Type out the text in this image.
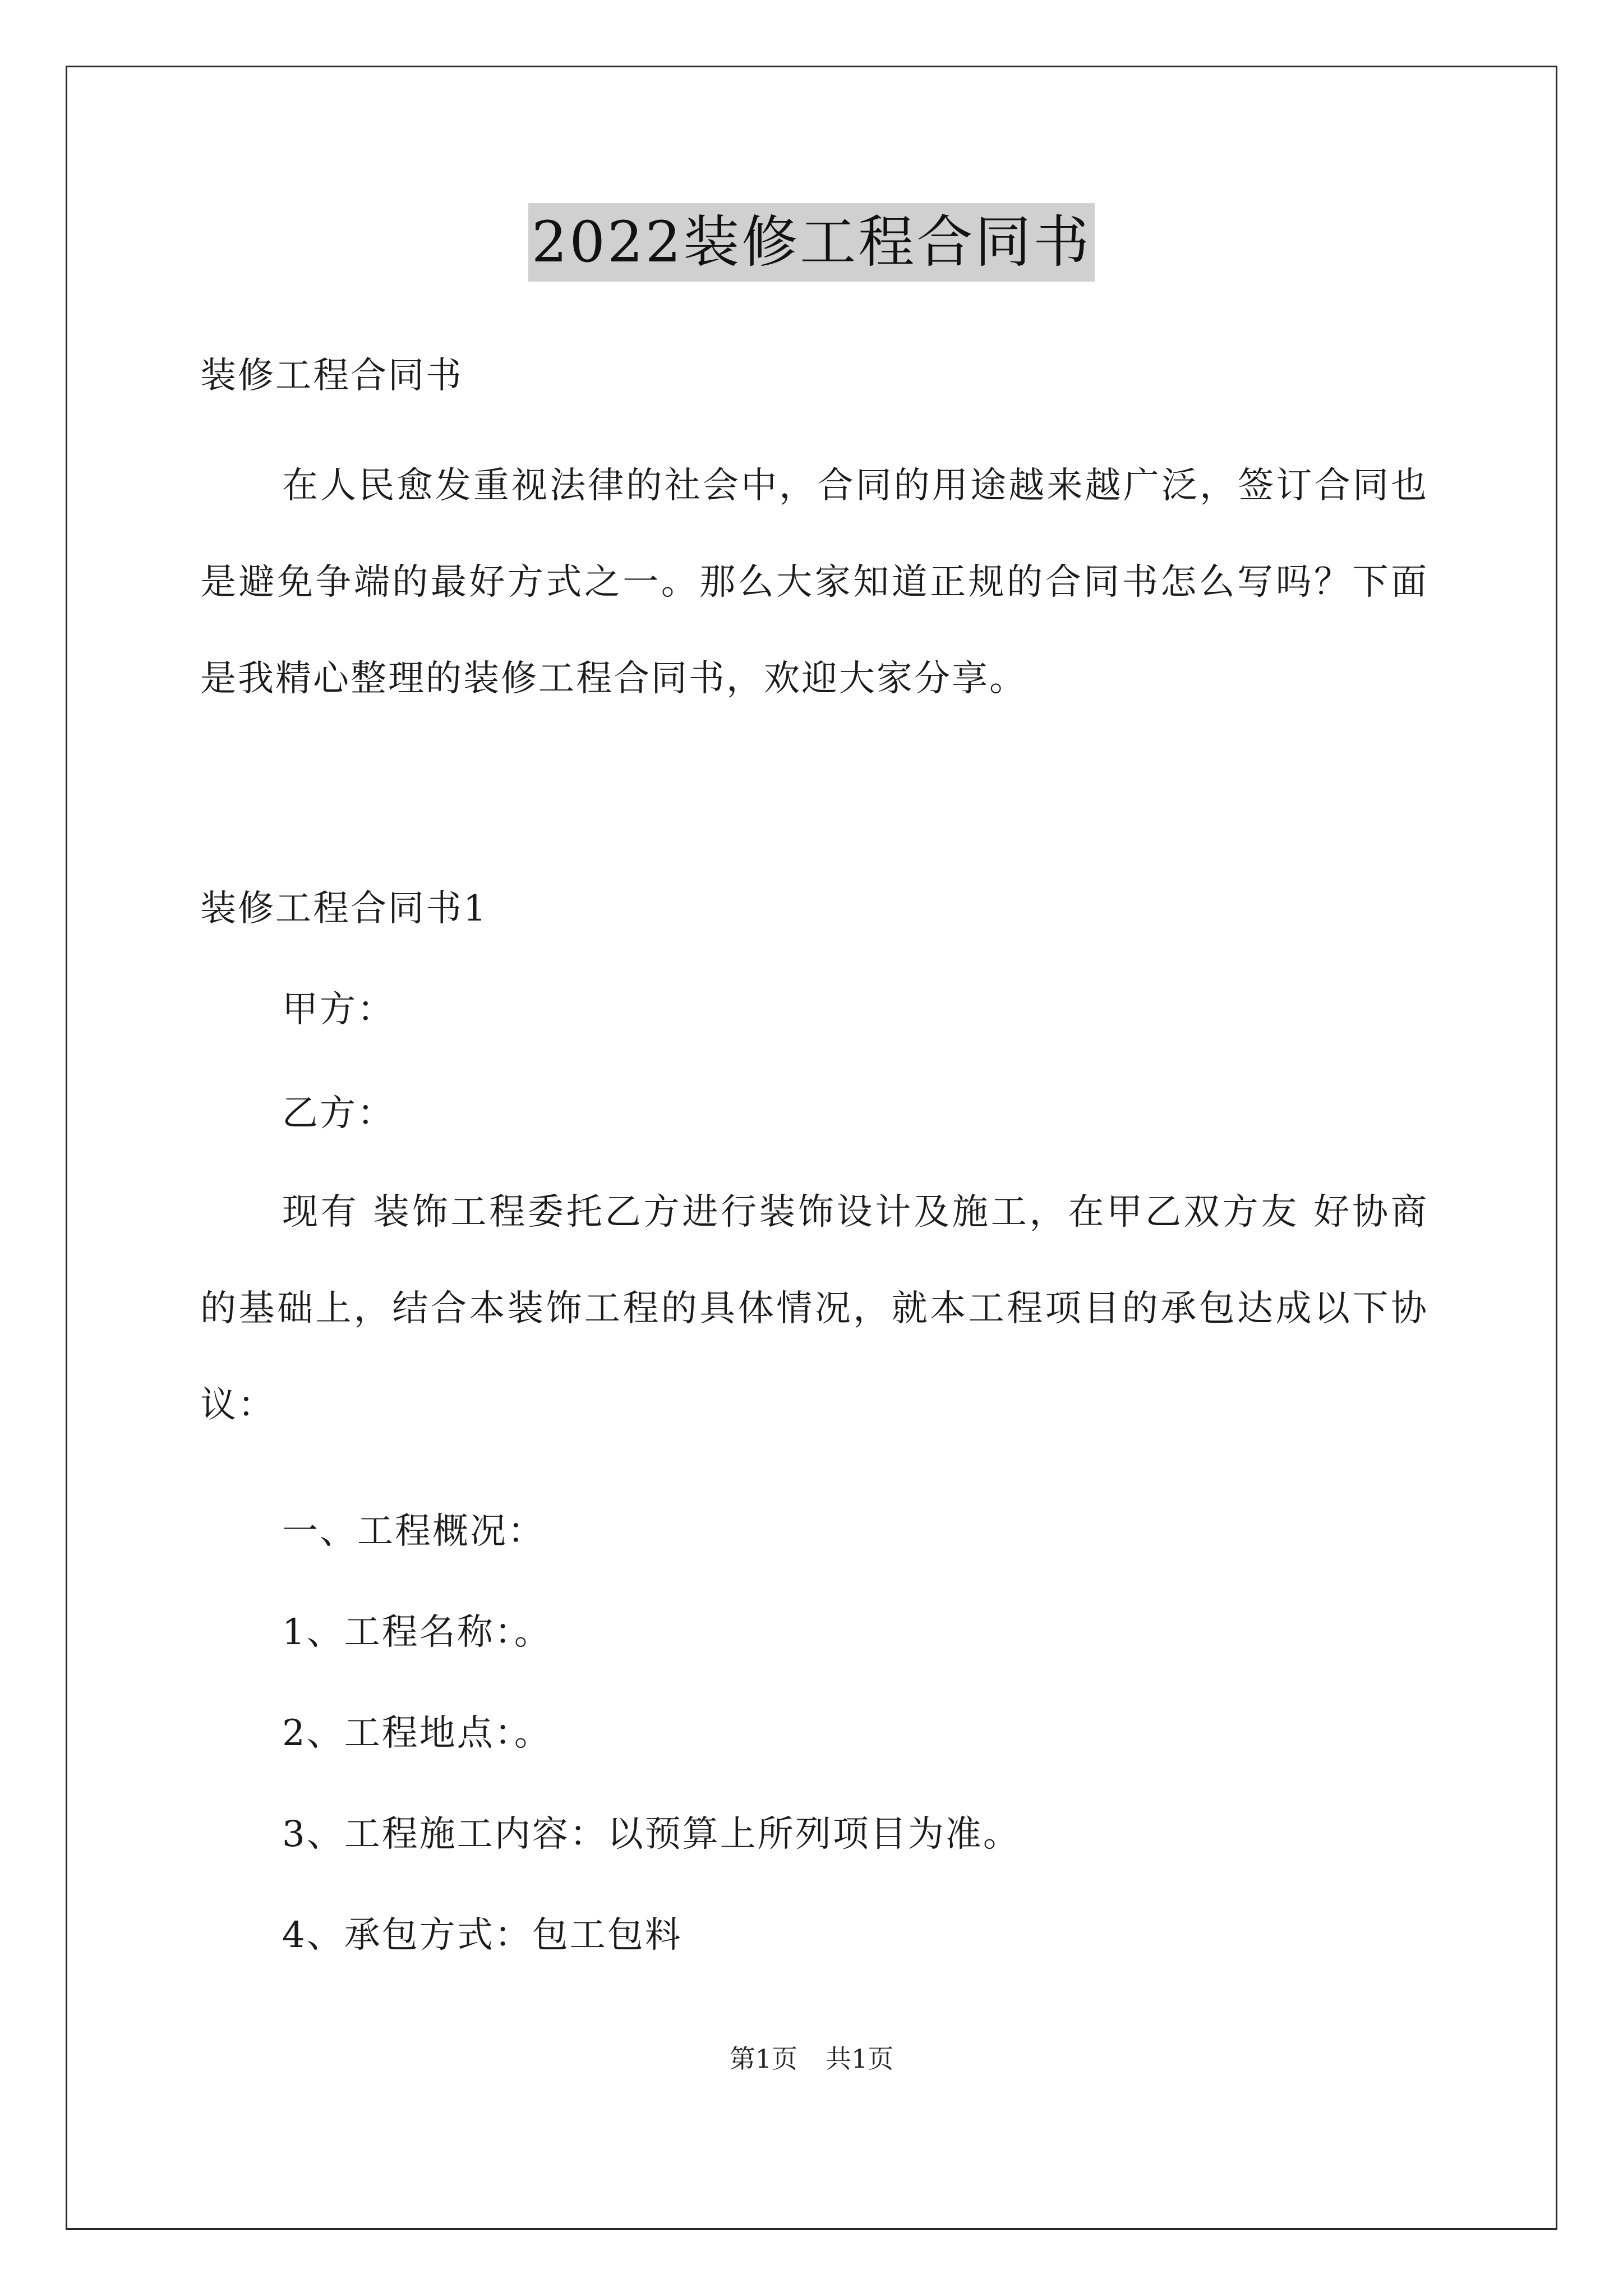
2022装修工程合同书
装修工程合同书

在人民愈发重视法律的社会中，合同的用途越来越广泛，签订合同也是避免争端的最好方式之一。那么大家知道正规的合同书怎么写吗？下面是我精心整理的装修工程合同书，欢迎大家分享。

装修工程合同书1
甲方：
乙方：

现有 装饰工程委托乙方进行装饰设计及施工，在甲乙双方友 好协商的基础上，结合本装饰工程的具体情况，就本工程项目的承包达成以下协议：

一、工程概况：
1、工程名称：。
2、工程地点：。
3、工程施工内容：以预算上所列项目为准。
4、承包方式：包工包料
第1页 共1页
